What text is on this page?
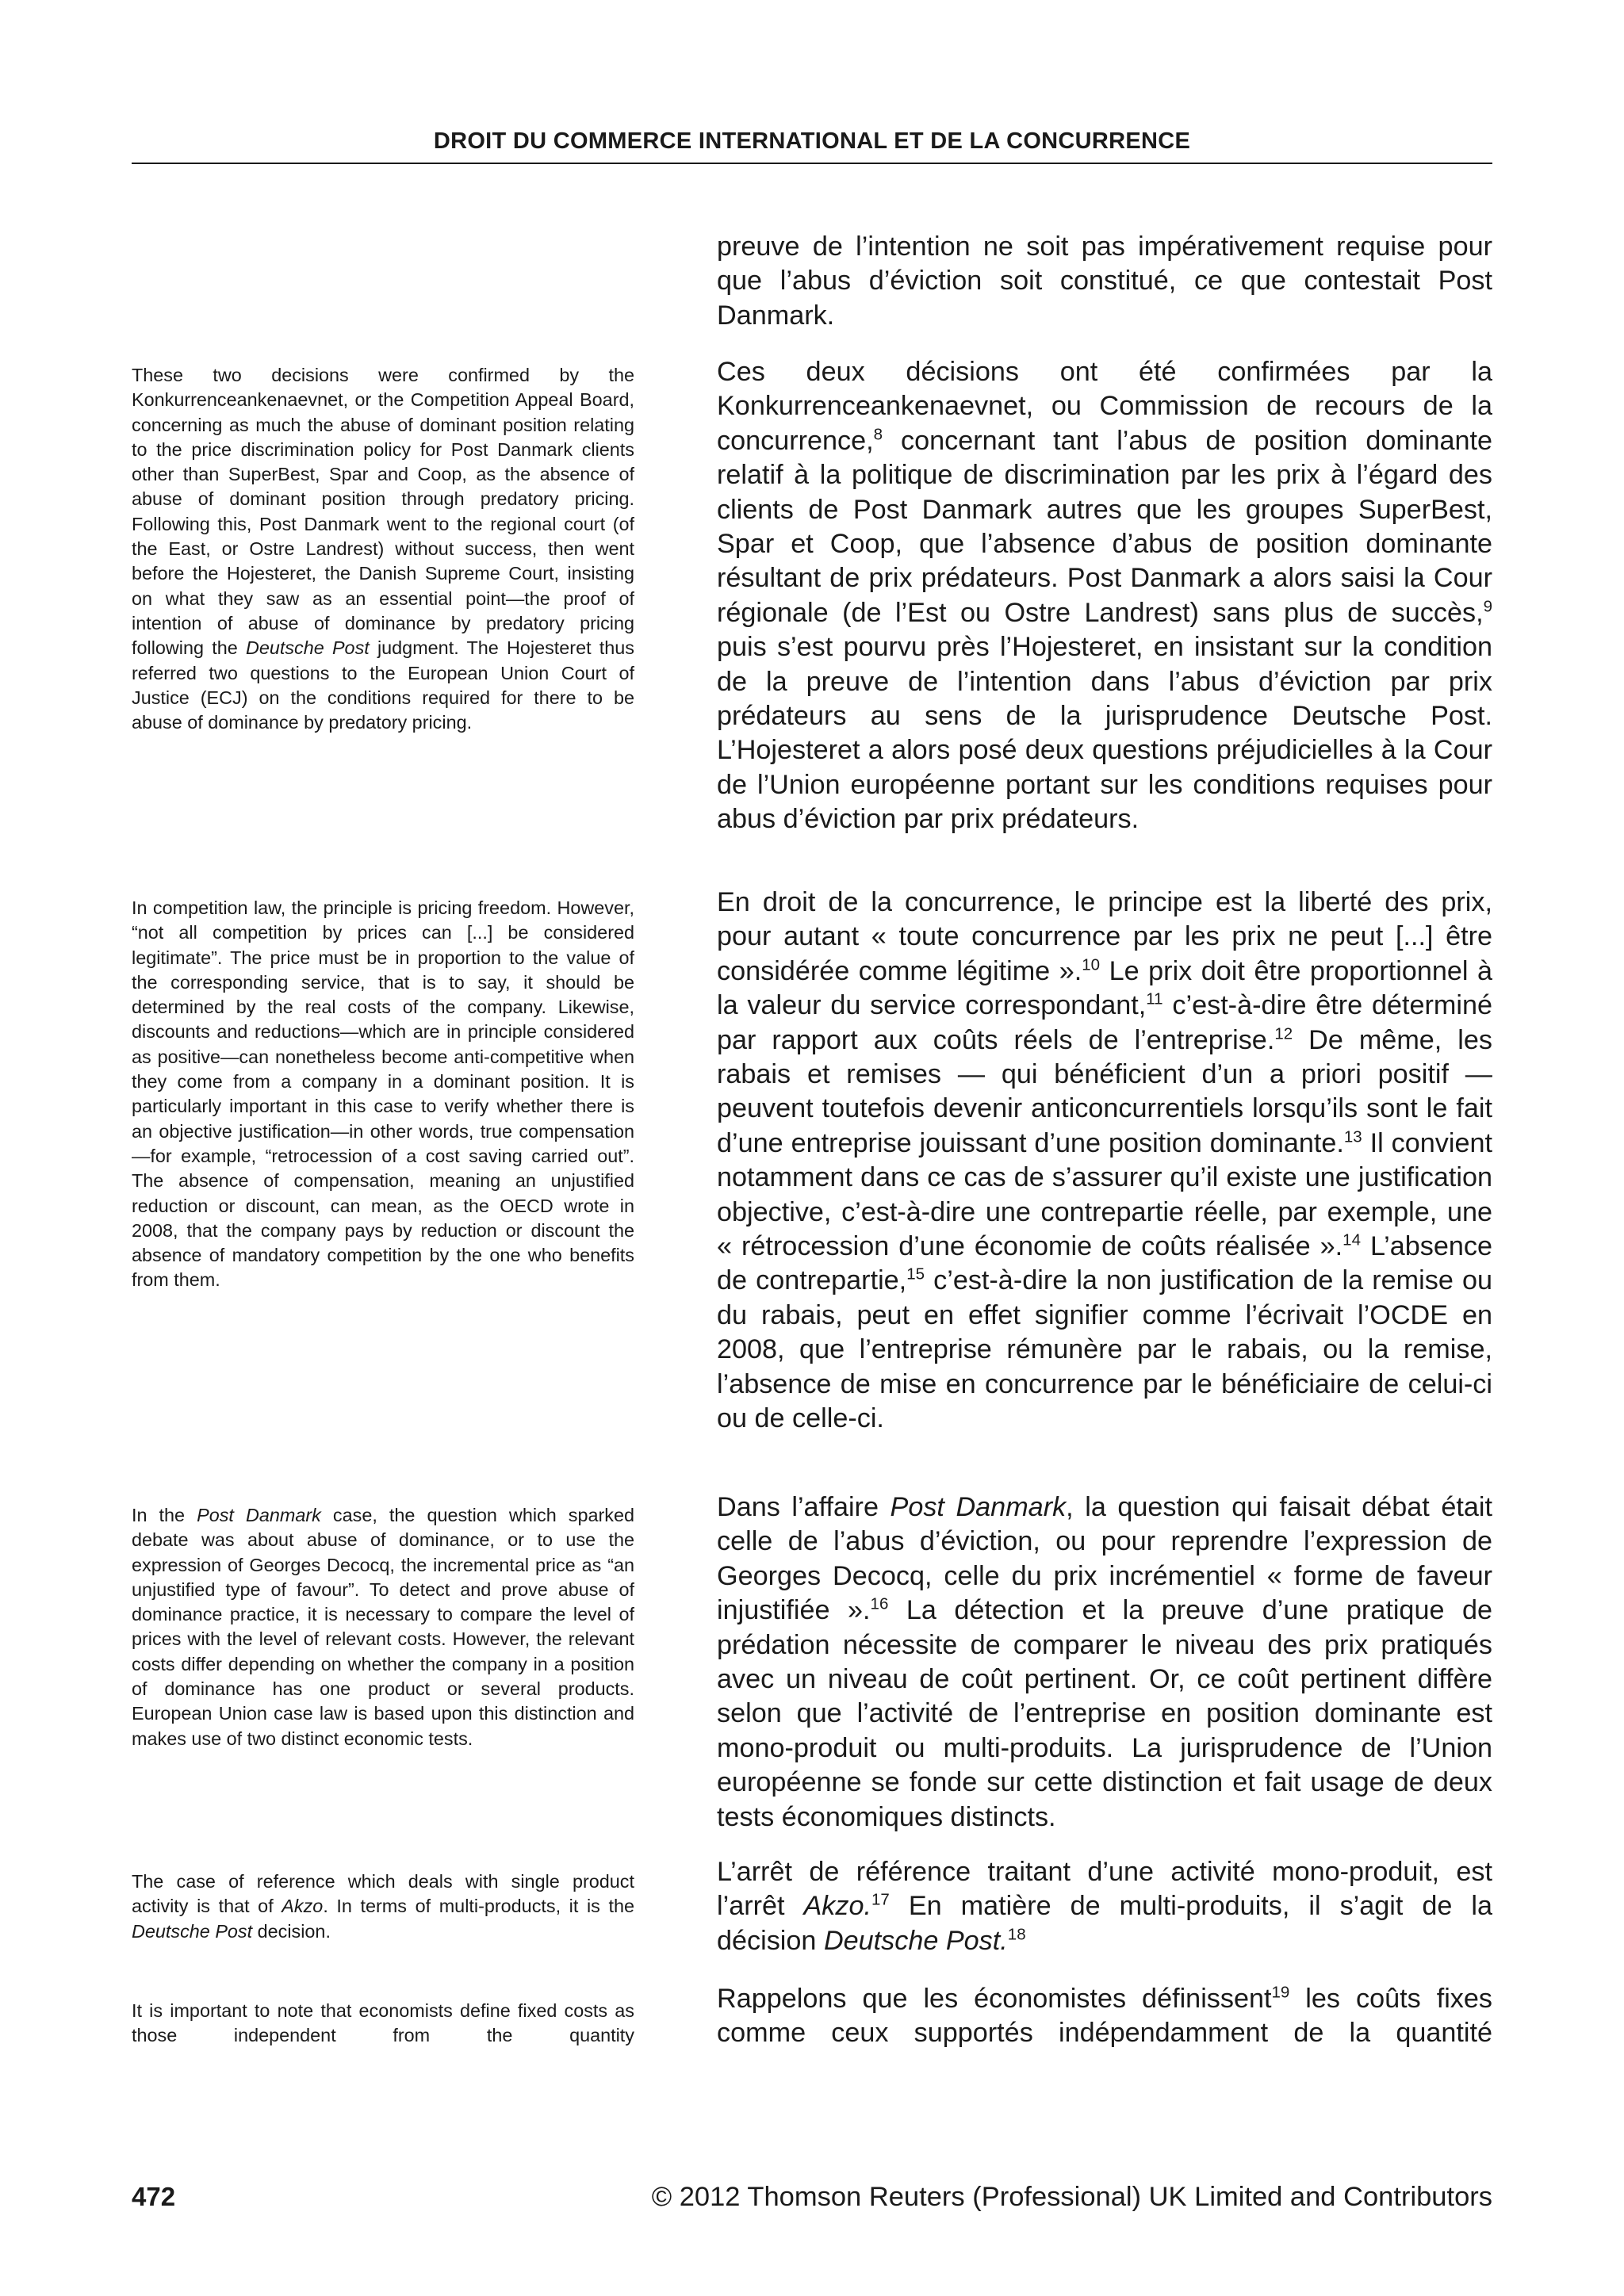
DROIT DU COMMERCE INTERNATIONAL ET DE LA CONCURRENCE

These two decisions were confirmed by the Konkurrenceankenaevnet, or the Competition Appeal Board, concerning as much the abuse of dominant position relating to the price discrimination policy for Post Danmark clients other than SuperBest, Spar and Coop, as the absence of abuse of dominant position through predatory pricing. Following this, Post Danmark went to the regional court (of the East, or Ostre Landrest) without success, then went before the Hojesteret, the Danish Supreme Court, insisting on what they saw as an essential point—the proof of intention of abuse of dominance by predatory pricing following the Deutsche Post judgment. The Hojesteret thus referred two questions to the European Union Court of Justice (ECJ) on the conditions required for there to be abuse of dominance by predatory pricing.

In competition law, the principle is pricing freedom. However, “not all competition by prices can [...] be considered legitimate”. The price must be in proportion to the value of the corresponding service, that is to say, it should be determined by the real costs of the company. Likewise, discounts and reductions—which are in principle considered as positive—can nonetheless become anti-competitive when they come from a company in a dominant position. It is particularly important in this case to verify whether there is an objective justification—in other words, true compensation—for example, “retrocession of a cost saving carried out”. The absence of compensation, meaning an unjustified reduction or discount, can mean, as the OECD wrote in 2008, that the company pays by reduction or discount the absence of mandatory competition by the one who benefits from them.

In the Post Danmark case, the question which sparked debate was about abuse of dominance, or to use the expression of Georges Decocq, the incremental price as “an unjustified type of favour”. To detect and prove abuse of dominance practice, it is necessary to compare the level of prices with the level of relevant costs. However, the relevant costs differ depending on whether the company in a position of dominance has one product or several products. European Union case law is based upon this distinction and makes use of two distinct economic tests.

The case of reference which deals with single product activity is that of Akzo. In terms of multi-products, it is the Deutsche Post decision.

It is important to note that economists define fixed costs as those independent from the quantity

preuve de l’intention ne soit pas impérativement requise pour que l’abus d’éviction soit constitué, ce que contestait Post Danmark.

Ces deux décisions ont été confirmées par la Konkurrenceankenaevnet, ou Commission de recours de la concurrence,$^8$ concernant tant l’abus de position dominante relatif à la politique de discrimination par les prix à l’égard des clients de Post Danmark autres que les groupes SuperBest, Spar et Coop, que l’absence d’abus de position dominante résultant de prix prédateurs. Post Danmark a alors saisi la Cour régionale (de l’Est ou Ostre Landrest) sans plus de succès,$^9$ puis s’est pourvu près l’Hojesteret, en insistant sur la condition de la preuve de l’intention dans l’abus d’éviction par prix prédateurs au sens de la jurisprudence Deutsche Post. L’Hojesteret a alors posé deux questions préjudicielles à la Cour de l’Union européenne portant sur les conditions requises pour abus d’éviction par prix prédateurs.

En droit de la concurrence, le principe est la liberté des prix, pour autant « toute concurrence par les prix ne peut [...] être considérée comme légitime ».$^{10}$ Le prix doit être proportionnel à la valeur du service correspondant,$^{11}$ c’est-à-dire être déterminé par rapport aux coûts réels de l’entreprise.$^{12}$ De même, les rabais et remises — qui bénéficient d’un a priori positif — peuvent toutefois devenir anticoncurrentiels lorsqu’ils sont le fait d’une entreprise jouissant d’une position dominante.$^{13}$ Il convient notamment dans ce cas de s’assurer qu’il existe une justification objective, c’est-à-dire une contrepartie réelle, par exemple, une « rétrocession d’une économie de coûts réalisée ».$^{14}$ L’absence de contrepartie,$^{15}$ c’est-à-dire la non justification de la remise ou du rabais, peut en effet signifier comme l’écrivait l’OCDE en 2008, que l’entreprise rémunère par le rabais, ou la remise, l’absence de mise en concurrence par le bénéficiaire de celui-ci ou de celle-ci.

Dans l’affaire Post Danmark, la question qui faisait débat était celle de l’abus d’éviction, ou pour reprendre l’expression de Georges Decocq, celle du prix incrémentiel « forme de faveur injustifiée ».$^{16}$ La détection et la preuve d’une pratique de prédation nécessite de comparer le niveau des prix pratiqués avec un niveau de coût pertinent. Or, ce coût pertinent diffère selon que l’activité de l’entreprise en position dominante est mono-produit ou multi-produits. La jurisprudence de l’Union européenne se fonde sur cette distinction et fait usage de deux tests économiques distincts.

L’arrêt de référence traitant d’une activité mono-produit, est l’arrêt Akzo.$^{17}$ En matière de multi-produits, il s’agit de la décision Deutsche Post.$^{18}$

Rappelons que les économistes définissent$^{19}$ les coûts fixes comme ceux supportés indépendamment de la quantité

472	© 2012 Thomson Reuters (Professional) UK Limited and Contributors
